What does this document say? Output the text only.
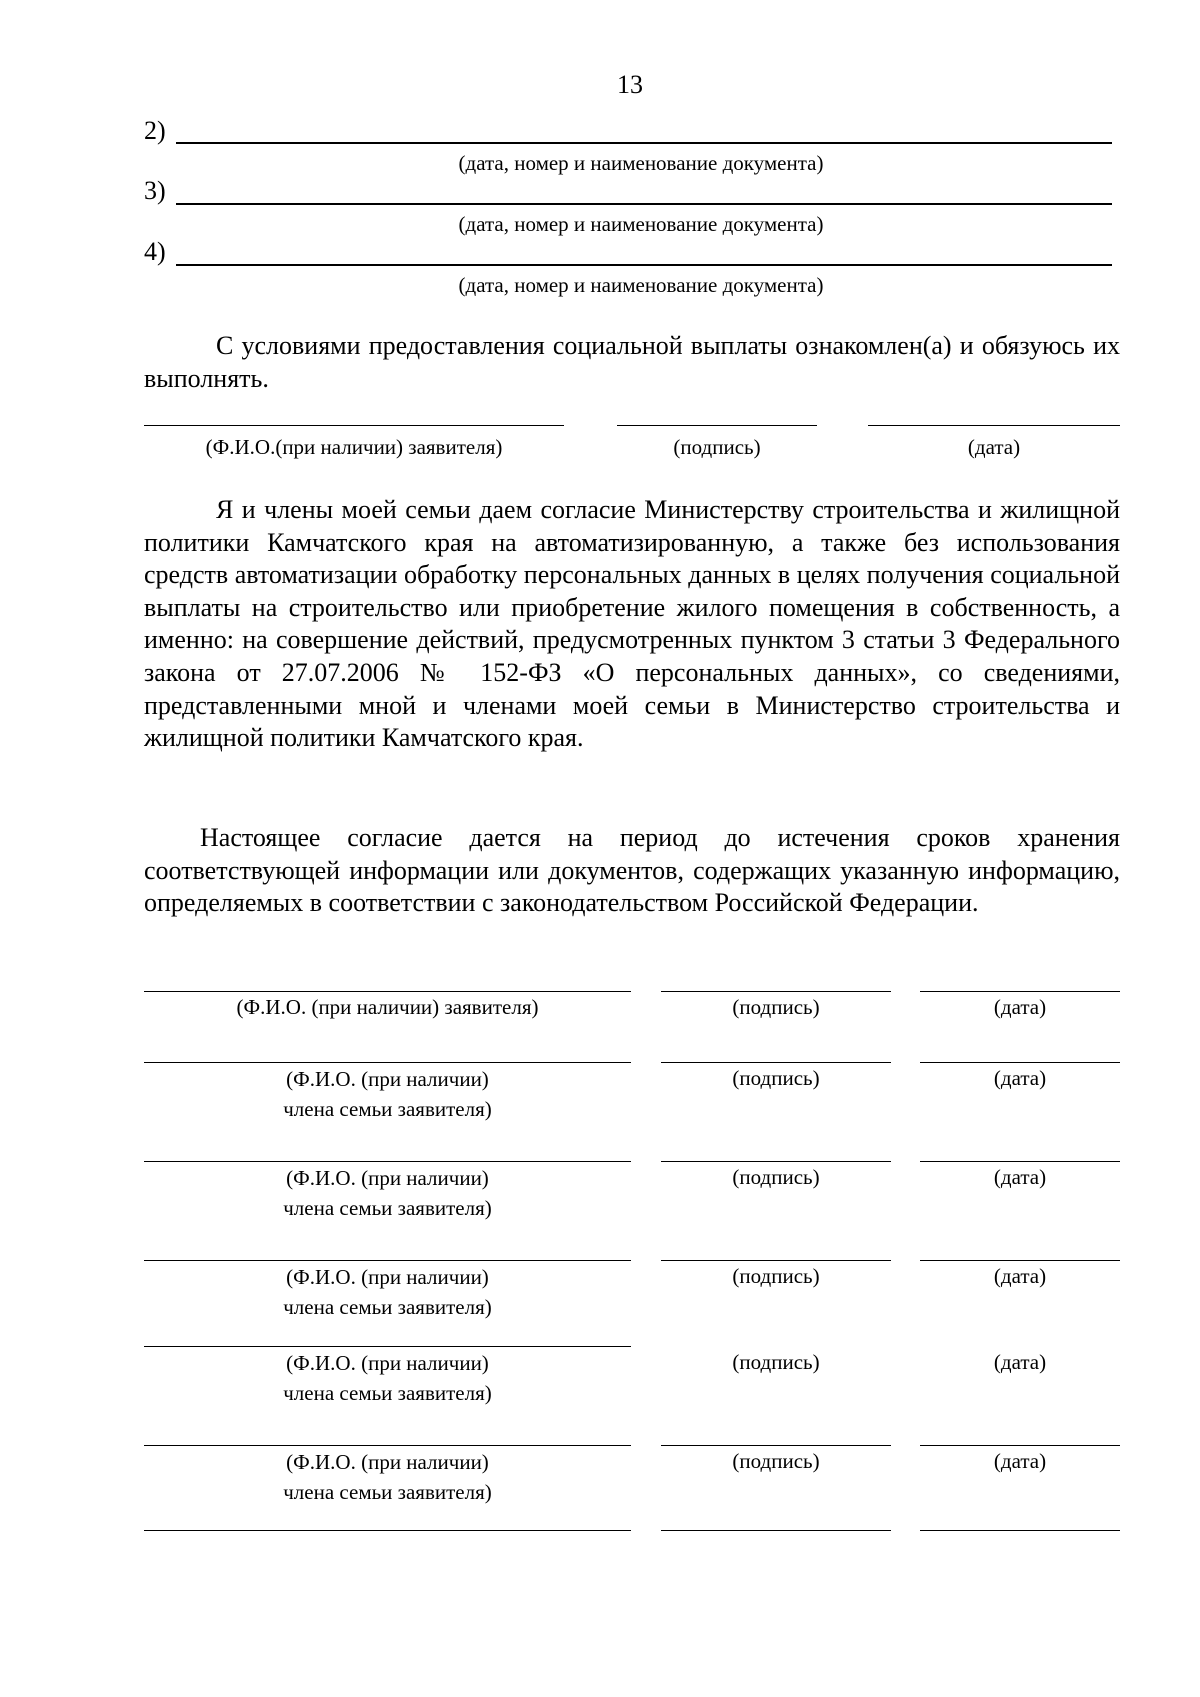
13
2)
(дата, номер и наименование документа)
3)
(дата, номер и наименование документа)
4)
(дата, номер и наименование документа)
С условиями предоставления социальной выплаты ознакомлен(а) и обязуюсь их выполнять.
(Ф.И.О.(при наличии) заявителя)	(подпись)	(дата)
Я и члены моей семьи даем согласие Министерству строительства и жилищной политики Камчатского края на автоматизированную, а также без использования средств автоматизации обработку персональных данных в целях получения социальной выплаты на строительство или приобретение жилого помещения в собственность, а именно: на совершение действий, предусмотренных пунктом 3 статьи 3 Федерального закона от 27.07.2006 № 152-ФЗ «О персональных данных», со сведениями, представленными мной и членами моей семьи в Министерство строительства и жилищной политики Камчатского края.
Настоящее согласие дается на период до истечения сроков хранения соответствующей информации или документов, содержащих указанную информацию, определяемых в соответствии с законодательством Российской Федерации.
(Ф.И.О. (при наличии) заявителя)	(подпись)	(дата)
(Ф.И.О. (при наличии)
члена семьи заявителя)
(подпись)	(дата)
(Ф.И.О. (при наличии)
члена семьи заявителя)
(подпись)	(дата)
(Ф.И.О. (при наличии)
члена семьи заявителя)
(подпись)	(дата)
(Ф.И.О. (при наличии)
члена семьи заявителя)
(подпись)	(дата)
(Ф.И.О. (при наличии)
члена семьи заявителя)
(подпись)	(дата)
